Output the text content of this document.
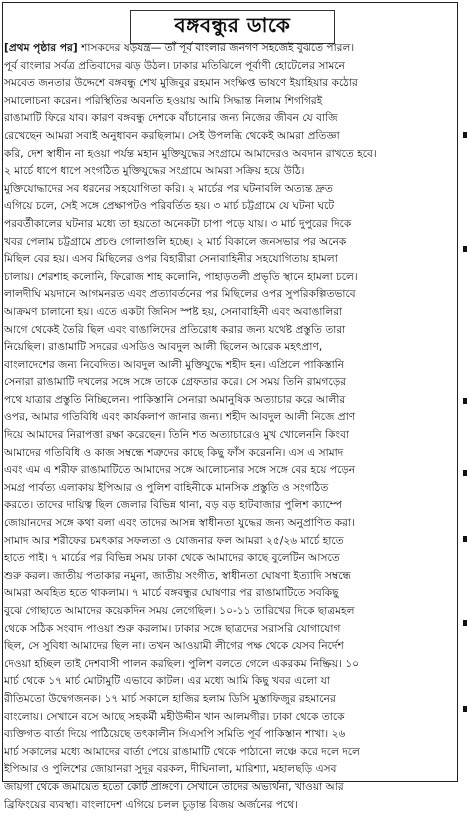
বঙ্গবন্ধুর ডাকে
[প্রথম পৃষ্ঠার পর] শাসকদের ষড়যন্ত্র— তাঁ পূর্ব বাংলার জনগণ সহজেই বুঝতে পারল।
পূর্ব বাংলার সর্বত্র প্রতিবাদের ঝড় উঠল। ঢাকার মতিঝিলে পূর্বাণী হোটেলের সামনে
সমবেত জনতার উদ্দেশে বঙ্গবন্ধু শেখ মুজিবুর রহমান সংক্ষিপ্ত ভাষণে ইয়াহিয়ার কঠোর
সমালোচনা করেন। পরিস্থিতির অবনতি হওয়ায় আমি সিদ্ধান্ত নিলাম শিগগিরই
রাঙামাটি ফিরে যাব। কারণ বঙ্গবন্ধু দেশকে বাঁচানোর জন্য নিজের জীবন যে বাজি
রেখেছেন আমরা সবাই অনুধাবন করছিলাম। সেই উপলব্ধি থেকেই আমরা প্রতিজ্ঞা
করি, দেশ স্বাধীন না হওয়া পর্যন্ত মহান মুক্তিযুদ্ধের সংগ্রামে আমাদেরও অবদান রাখতে হবে।
২ মার্চে ধাপে ধাপে সংগঠিত মুক্তিযুদ্ধের সংগ্রামে আমরা সক্রিয় হয়ে উঠি।
মুক্তিযোদ্ধাদের সব ধরনের সহযোগিতা করি। ২ মার্চের পর ঘটনাবলি অত্যন্ত দ্রুত
এগিয়ে চলে, সেই সঙ্গে প্রেক্ষাপটও পরিবর্তিত হয়। ৩ মার্চ চট্টগ্রামে যে ঘটনা ঘটে
পরবর্তীকালের ঘটনার মধ্যে তা হয়তো অনেকটা চাপা পড়ে যায়। ৩ মার্চ দুপুরের দিকে
খবর পেলাম চট্টগ্রামে প্রচণ্ড গোলাগুলি হচ্ছে। ২ মার্চ বিকালে জনসভার পর অনেক
মিছিল বের হয়। এসব মিছিলের ওপর বিহারীরা সেনাবাহিনীর সহযোগিতায় হামলা
চালায়। শেরশাহ কলোনি, ফিরোজ শাহ কলোনি, পাহাড়তলী প্রভৃতি স্থানে হামলা চলে।
লালদীঘি ময়দানে আগমনরত এবং প্রত্যাবর্তনের পর মিছিলের ওপর সুপরিকল্পিতভাবে
আক্রমণ চালানো হয়। এতে একটা জিনিস স্পষ্ট হয়, সেনাবাহিনী এবং অবাঙালিরা
আগে থেকেই তৈরি ছিল এবং বাঙালিদের প্রতিরোধ করার জন্য যথেষ্ট প্রস্তুতি তারা
নিয়েছিল। রাঙামাটি সদরের এসডিও আবদুল আলী ছিলেন আরেক মহৎপ্রাণ,
বাংলাদেশের জন্য নিবেদিত। আবদুল আলী মুক্তিযুদ্ধে শহীদ হন। এপ্রিলে পাকিস্তানি
সেনারা রাঙামাটি দখলের সঙ্গে সঙ্গে তাকে গ্রেফতার করে। সে সময় তিনি রামগড়ের
পথে যাত্রার প্রস্তুতি নিচ্ছিলেন। পাকিস্তানি সেনারা অমানুষিক অত্যাচার করে আলীর
ওপর, আমার গতিবিধি এবং কার্যকলাপ জানার জন্য। শহীদ আবদুল আলী নিজে প্রাণ
দিয়ে আমাদের নিরাপত্তা রক্ষা করেছেন। তিনি শত অত্যাচারেও মুখ খোলেননি কিংবা
আমাদের গতিবিধি ও কাজ সম্বন্ধে শত্রুদের কাছে কিছু ফাঁস করেননি। এস এ সামাদ
এবং এম এ শরীফ রাঙামাটিতে আমাদের সঙ্গে আলোচনার সঙ্গে সঙ্গে বের হয়ে পড়েন
সমগ্র পার্বত্য এলাকায় ইপিআর ও পুলিশ বাহিনীকে মানসিক প্রস্তুতি ও সংগঠিত
করতে। তাদের দায়িত্ব ছিল জেলার বিভিন্ন থানা, বড় বড় হাটবাজার পুলিশ ক্যাম্পে
জোয়ানদের সঙ্গে কথা বলা এবং তাদের আসন্ন স্বাধীনতা যুদ্ধের জন্য অনুপ্রাণিত করা।
সামাদ আর শরীফের চমৎকার সফলতা ও যোজনার ফল আমরা ২৫/২৬ মার্চে হাতে
হাতে পাই। ৭ মার্চের পর বিভিন্ন সময় ঢাকা থেকে আমাদের কাছে বুলেটিন আসতে
শুরু করল। জাতীয় পতাকার নমুনা, জাতীয় সংগীত, স্বাধীনতা ঘোষণা ইত্যাদি সম্বন্ধে
আমরা অবহিত হতে থাকলাম। ৭ মার্চে বঙ্গবন্ধুর ঘোষণার পর রাঙামাটিতে সবকিছু
বুঝে গোছাতে আমাদের কয়েকদিন সময় লেগেছিল। ১০-১১ তারিখের দিকে ছাত্রমহল
থেকে সঠিক সংবাদ পাওয়া শুরু করলাম। ঢাকার সঙ্গে ছাত্রদের সরাসরি যোগাযোগ
ছিল, সে সুবিধা আমাদের ছিল না। তখন আওয়ামী লীগের পক্ষ থেকে যেসব নির্দেশ
দেওয়া হচ্ছিল তাই দেশবাসী পালন করছিল। পুলিশ বলতে গেলে একরকম নিষ্ক্রিয়। ১০
মার্চ থেকে ১৭ মার্চ মোটামুটি এভাবে কাটল। এর মধ্যে আমি কিছু খবর এলো যা
রীতিমতো উদ্বেগজনক। ১৭ মার্চ সকালে হাজির হলাম ডিসি মুস্তাফিজুর রহমানের
বাংলোয়। সেখানে বসে আছে সহকর্মী মহীউদ্দীন খান আলমগীর। ঢাকা থেকে তাকে
ব্যক্তিগত বার্তা দিয়ে পাঠিয়েছে তৎকালীন সিএসপি সমিতি পূর্ব পাকিস্তান শাখা। ২৬
মার্চ সকালের মধ্যে আমাদের বার্তা পেয়ে রাঙামাটি থেকে পাঠানো লঞ্চে করে দলে দলে
ইপিআর ও পুলিশের জোয়ানরা সুদূর বরকল, দীঘিনালা, মারিশ্যা, মহালছড়ি এসব
জায়গা থেকে জমায়েত হতো কোর্ট প্রাঙ্গণে। সেখানে তাদের অভ্যর্থনা, খাওয়া আর
ব্রিফিংয়ের ব্যবস্থা। বাংলাদেশ এগিয়ে চলল চূড়ান্ত বিজয় অর্জনের পথে।
